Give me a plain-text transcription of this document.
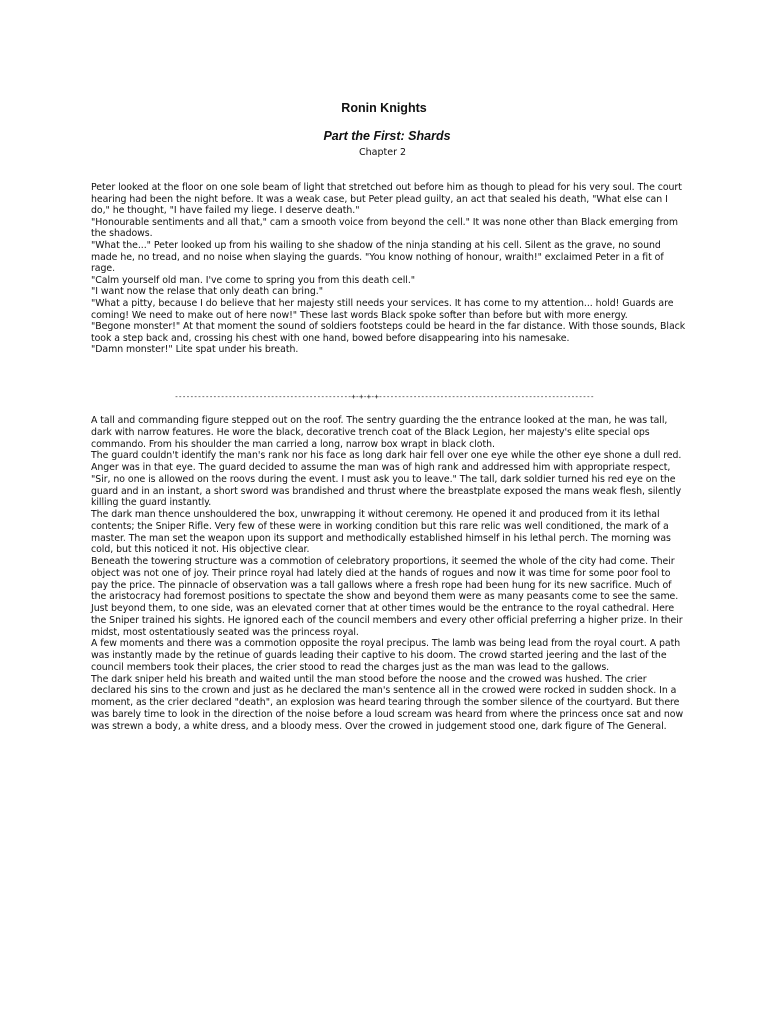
Ronin Knights
Part the First: Shards
Chapter 2

Peter looked at the floor on one sole beam of light that stretched out before him as though to plead for his very soul. The court hearing had been the night before. It was a weak case, but Peter plead guilty, an act that sealed his death, "What else can I do," he thought, "I have failed my liege. I deserve death."

"Honourable sentiments and all that," cam a smooth voice from beyond the cell." It was none other than Black emerging from the shadows.

"What the..." Peter looked up from his wailing to she shadow of the ninja standing at his cell. Silent as the grave, no sound made he, no tread, and no noise when slaying the guards. "You know nothing of honour, wraith!" exclaimed Peter in a fit of rage.

"Calm yourself old man. I've come to spring you from this death cell."

"I want now the relase that only death can bring."

"What a pitty, because I do believe that her majesty still needs your services. It has come to my attention... hold! Guards are coming! We need to make out of here now!" These last words Black spoke softer than before but with more energy.

"Begone monster!" At that moment the sound of soldiers footsteps could be heard in the far distance. With those sounds, Black took a step back and, crossing his chest with one hand, bowed before disappearing into his namesake.

"Damn monster!" Lite spat under his breath.

----------------------------------------------+-+-+-+--------------------------------------------------------

A tall and commanding figure stepped out on the roof. The sentry guarding the the entrance looked at the man, he was tall, dark with narrow features. He wore the black, decorative trench coat of the Black Legion, her majesty's elite special ops commando. From his shoulder the man carried a long, narrow box wrapt in black cloth.

The guard couldn't identify the man's rank nor his face as long dark hair fell over one eye while the other eye shone a dull red. Anger was in that eye. The guard decided to assume the man was of high rank and addressed him with appropriate respect, "Sir, no one is allowed on the roovs during the event. I must ask you to leave." The tall, dark soldier turned his red eye on the guard and in an instant, a short sword was brandished and thrust where the breastplate exposed the mans weak flesh, silently killing the guard instantly.

The dark man thence unshouldered the box, unwrapping it without ceremony. He opened it and produced from it its lethal contents; the Sniper Rifle. Very few of these were in working condition but this rare relic was well conditioned, the mark of a master. The man set the weapon upon its support and methodically established himself in his lethal perch. The morning was cold, but this noticed it not. His objective clear.

Beneath the towering structure was a commotion of celebratory proportions, it seemed the whole of the city had come. Their object was not one of joy. Their prince royal had lately died at the hands of rogues and now it was time for some poor fool to pay the price. The pinnacle of observation was a tall gallows where a fresh rope had been hung for its new sacrifice. Much of the aristocracy had foremost positions to spectate the show and beyond them were as many peasants come to see the same. Just beyond them, to one side, was an elevated corner that at other times would be the entrance to the royal cathedral. Here the Sniper trained his sights. He ignored each of the council members and every other official preferring a higher prize. In their midst, most ostentatiously seated was the princess royal.

A few moments and there was a commotion opposite the royal precipus. The lamb was being lead from the royal court. A path was instantly made by the retinue of guards leading their captive to his doom. The crowd started jeering and the last of the council members took their places, the crier stood to read the charges just as the man was lead to the gallows.

The dark sniper held his breath and waited until the man stood before the noose and the crowed was hushed. The crier declared his sins to the crown and just as he declared the man's sentence all in the crowed were rocked in sudden shock. In a moment, as the crier declared "death", an explosion was heard tearing through the somber silence of the courtyard. But there was barely time to look in the direction of the noise before a loud scream was heard from where the princess once sat and now was strewn a body, a white dress, and a bloody mess. Over the crowed in judgement stood one, dark figure of The General.
